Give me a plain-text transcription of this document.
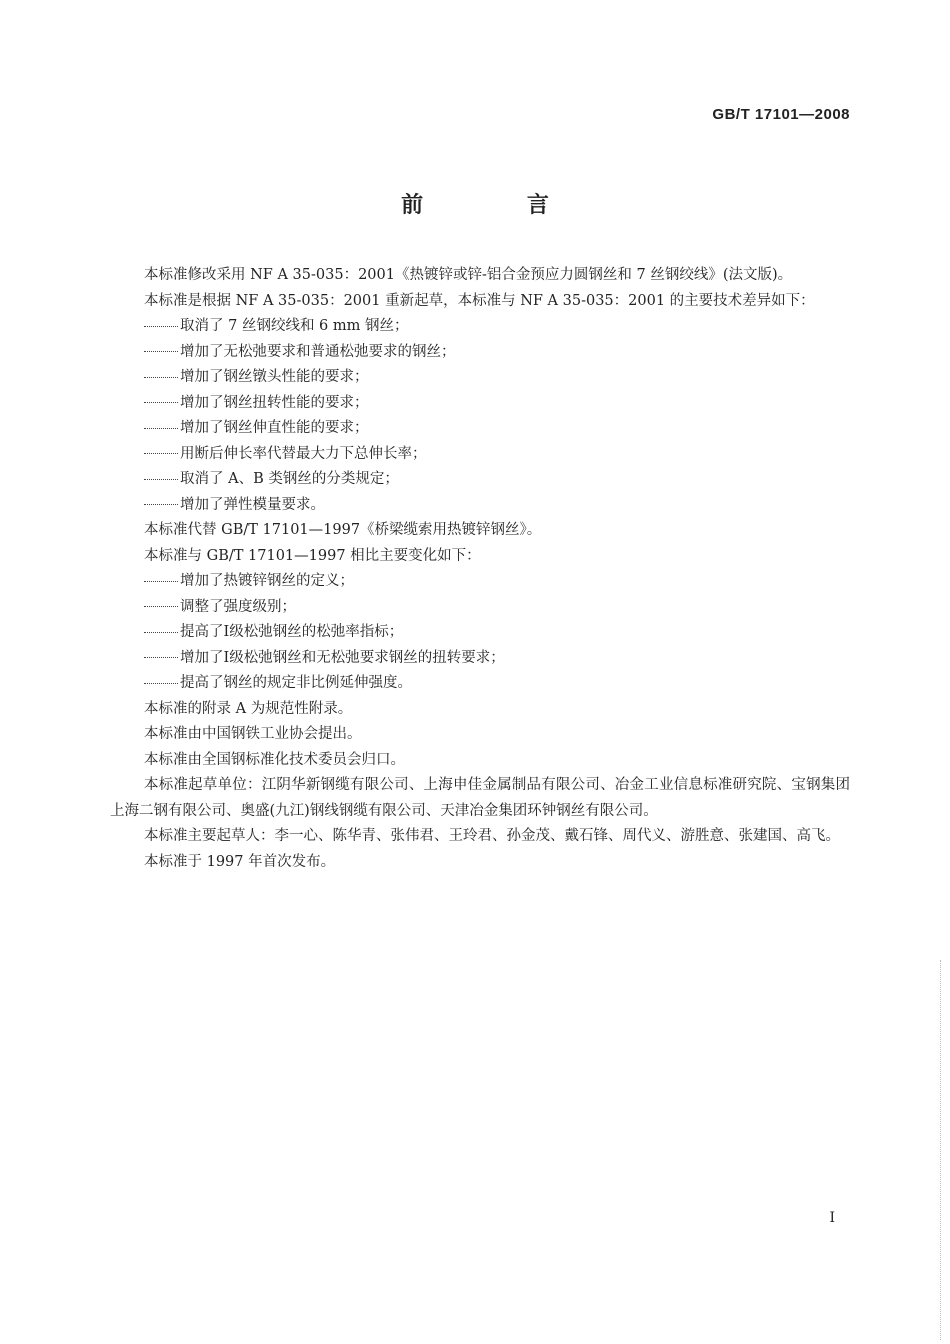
GB/T 17101—2008
前 言

本标准修改采用 NF A 35-035：2001《热镀锌或锌-铝合金预应力圆钢丝和 7 丝钢绞线》(法文版)。

本标准是根据 NF A 35-035：2001 重新起草，本标准与 NF A 35-035：2001 的主要技术差异如下：

取消了 7 丝钢绞线和 6 mm 钢丝；

增加了无松弛要求和普通松弛要求的钢丝；

增加了钢丝镦头性能的要求；

增加了钢丝扭转性能的要求；

增加了钢丝伸直性能的要求；

用断后伸长率代替最大力下总伸长率；

取消了 A、B 类钢丝的分类规定；

增加了弹性模量要求。

本标准代替 GB/T 17101—1997《桥梁缆索用热镀锌钢丝》。

本标准与 GB/T 17101—1997 相比主要变化如下：

增加了热镀锌钢丝的定义；

调整了强度级别；

提高了Ⅰ级松弛钢丝的松弛率指标；

增加了Ⅰ级松弛钢丝和无松弛要求钢丝的扭转要求；

提高了钢丝的规定非比例延伸强度。

本标准的附录 A 为规范性附录。

本标准由中国钢铁工业协会提出。

本标准由全国钢标准化技术委员会归口。

本标准起草单位：江阴华新钢缆有限公司、上海申佳金属制品有限公司、冶金工业信息标准研究院、宝钢集团上海二钢有限公司、奥盛(九江)钢线钢缆有限公司、天津冶金集团环钟钢丝有限公司。

本标准主要起草人：李一心、陈华青、张伟君、王玲君、孙金茂、戴石锋、周代义、游胜意、张建国、高飞。

本标准于 1997 年首次发布。

I
